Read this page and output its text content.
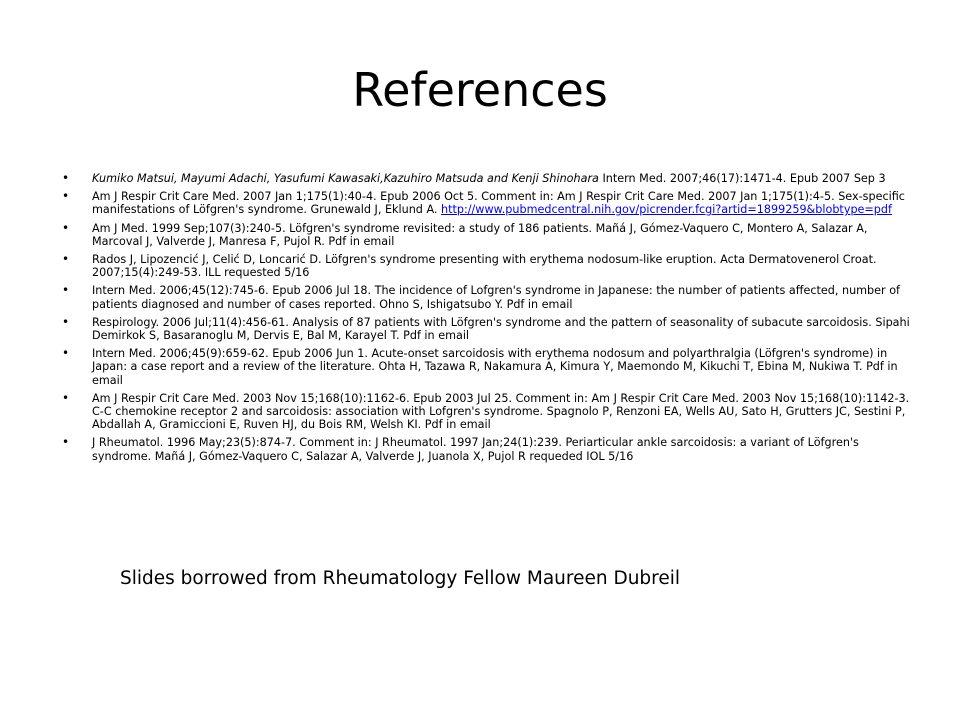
References
• Kumiko Matsui, Mayumi Adachi, Yasufumi Kawasaki,Kazuhiro Matsuda and Kenji Shinohara Intern Med. 2007;46(17):1471-4. Epub 2007 Sep 3
• Am J Respir Crit Care Med. 2007 Jan 1;175(1):40-4. Epub 2006 Oct 5. Comment in: Am J Respir Crit Care Med. 2007 Jan 1;175(1):4-5. Sex-specific manifestations of Löfgren's syndrome. Grunewald J, Eklund A. http://www.pubmedcentral.nih.gov/picrender.fcgi?artid=1899259&blobtype=pdf
• Am J Med. 1999 Sep;107(3):240-5. Löfgren's syndrome revisited: a study of 186 patients. Mañá J, Gómez-Vaquero C, Montero A, Salazar A, Marcoval J, Valverde J, Manresa F, Pujol R. Pdf in email
• Rados J, Lipozencić J, Celić D, Loncarić D. Löfgren's syndrome presenting with erythema nodosum-like eruption. Acta Dermatovenerol Croat. 2007;15(4):249-53. ILL requested 5/16
• Intern Med. 2006;45(12):745-6. Epub 2006 Jul 18. The incidence of Lofgren's syndrome in Japanese: the number of patients affected, number of patients diagnosed and number of cases reported. Ohno S, Ishigatsubo Y. Pdf in email
• Respirology. 2006 Jul;11(4):456-61. Analysis of 87 patients with Löfgren's syndrome and the pattern of seasonality of subacute sarcoidosis. Sipahi Demirkok S, Basaranoglu M, Dervis E, Bal M, Karayel T. Pdf in email
• Intern Med. 2006;45(9):659-62. Epub 2006 Jun 1. Acute-onset sarcoidosis with erythema nodosum and polyarthralgia (Löfgren's syndrome) in Japan: a case report and a review of the literature. Ohta H, Tazawa R, Nakamura A, Kimura Y, Maemondo M, Kikuchi T, Ebina M, Nukiwa T. Pdf in email
• Am J Respir Crit Care Med. 2003 Nov 15;168(10):1162-6. Epub 2003 Jul 25. Comment in: Am J Respir Crit Care Med. 2003 Nov 15;168(10):1142-3. C-C chemokine receptor 2 and sarcoidosis: association with Lofgren's syndrome. Spagnolo P, Renzoni EA, Wells AU, Sato H, Grutters JC, Sestini P, Abdallah A, Gramiccioni E, Ruven HJ, du Bois RM, Welsh KI. Pdf in email
• J Rheumatol. 1996 May;23(5):874-7. Comment in: J Rheumatol. 1997 Jan;24(1):239. Periarticular ankle sarcoidosis: a variant of Löfgren's syndrome. Mañá J, Gómez-Vaquero C, Salazar A, Valverde J, Juanola X, Pujol R requeded IOL 5/16

Slides borrowed from Rheumatology Fellow Maureen Dubreil
